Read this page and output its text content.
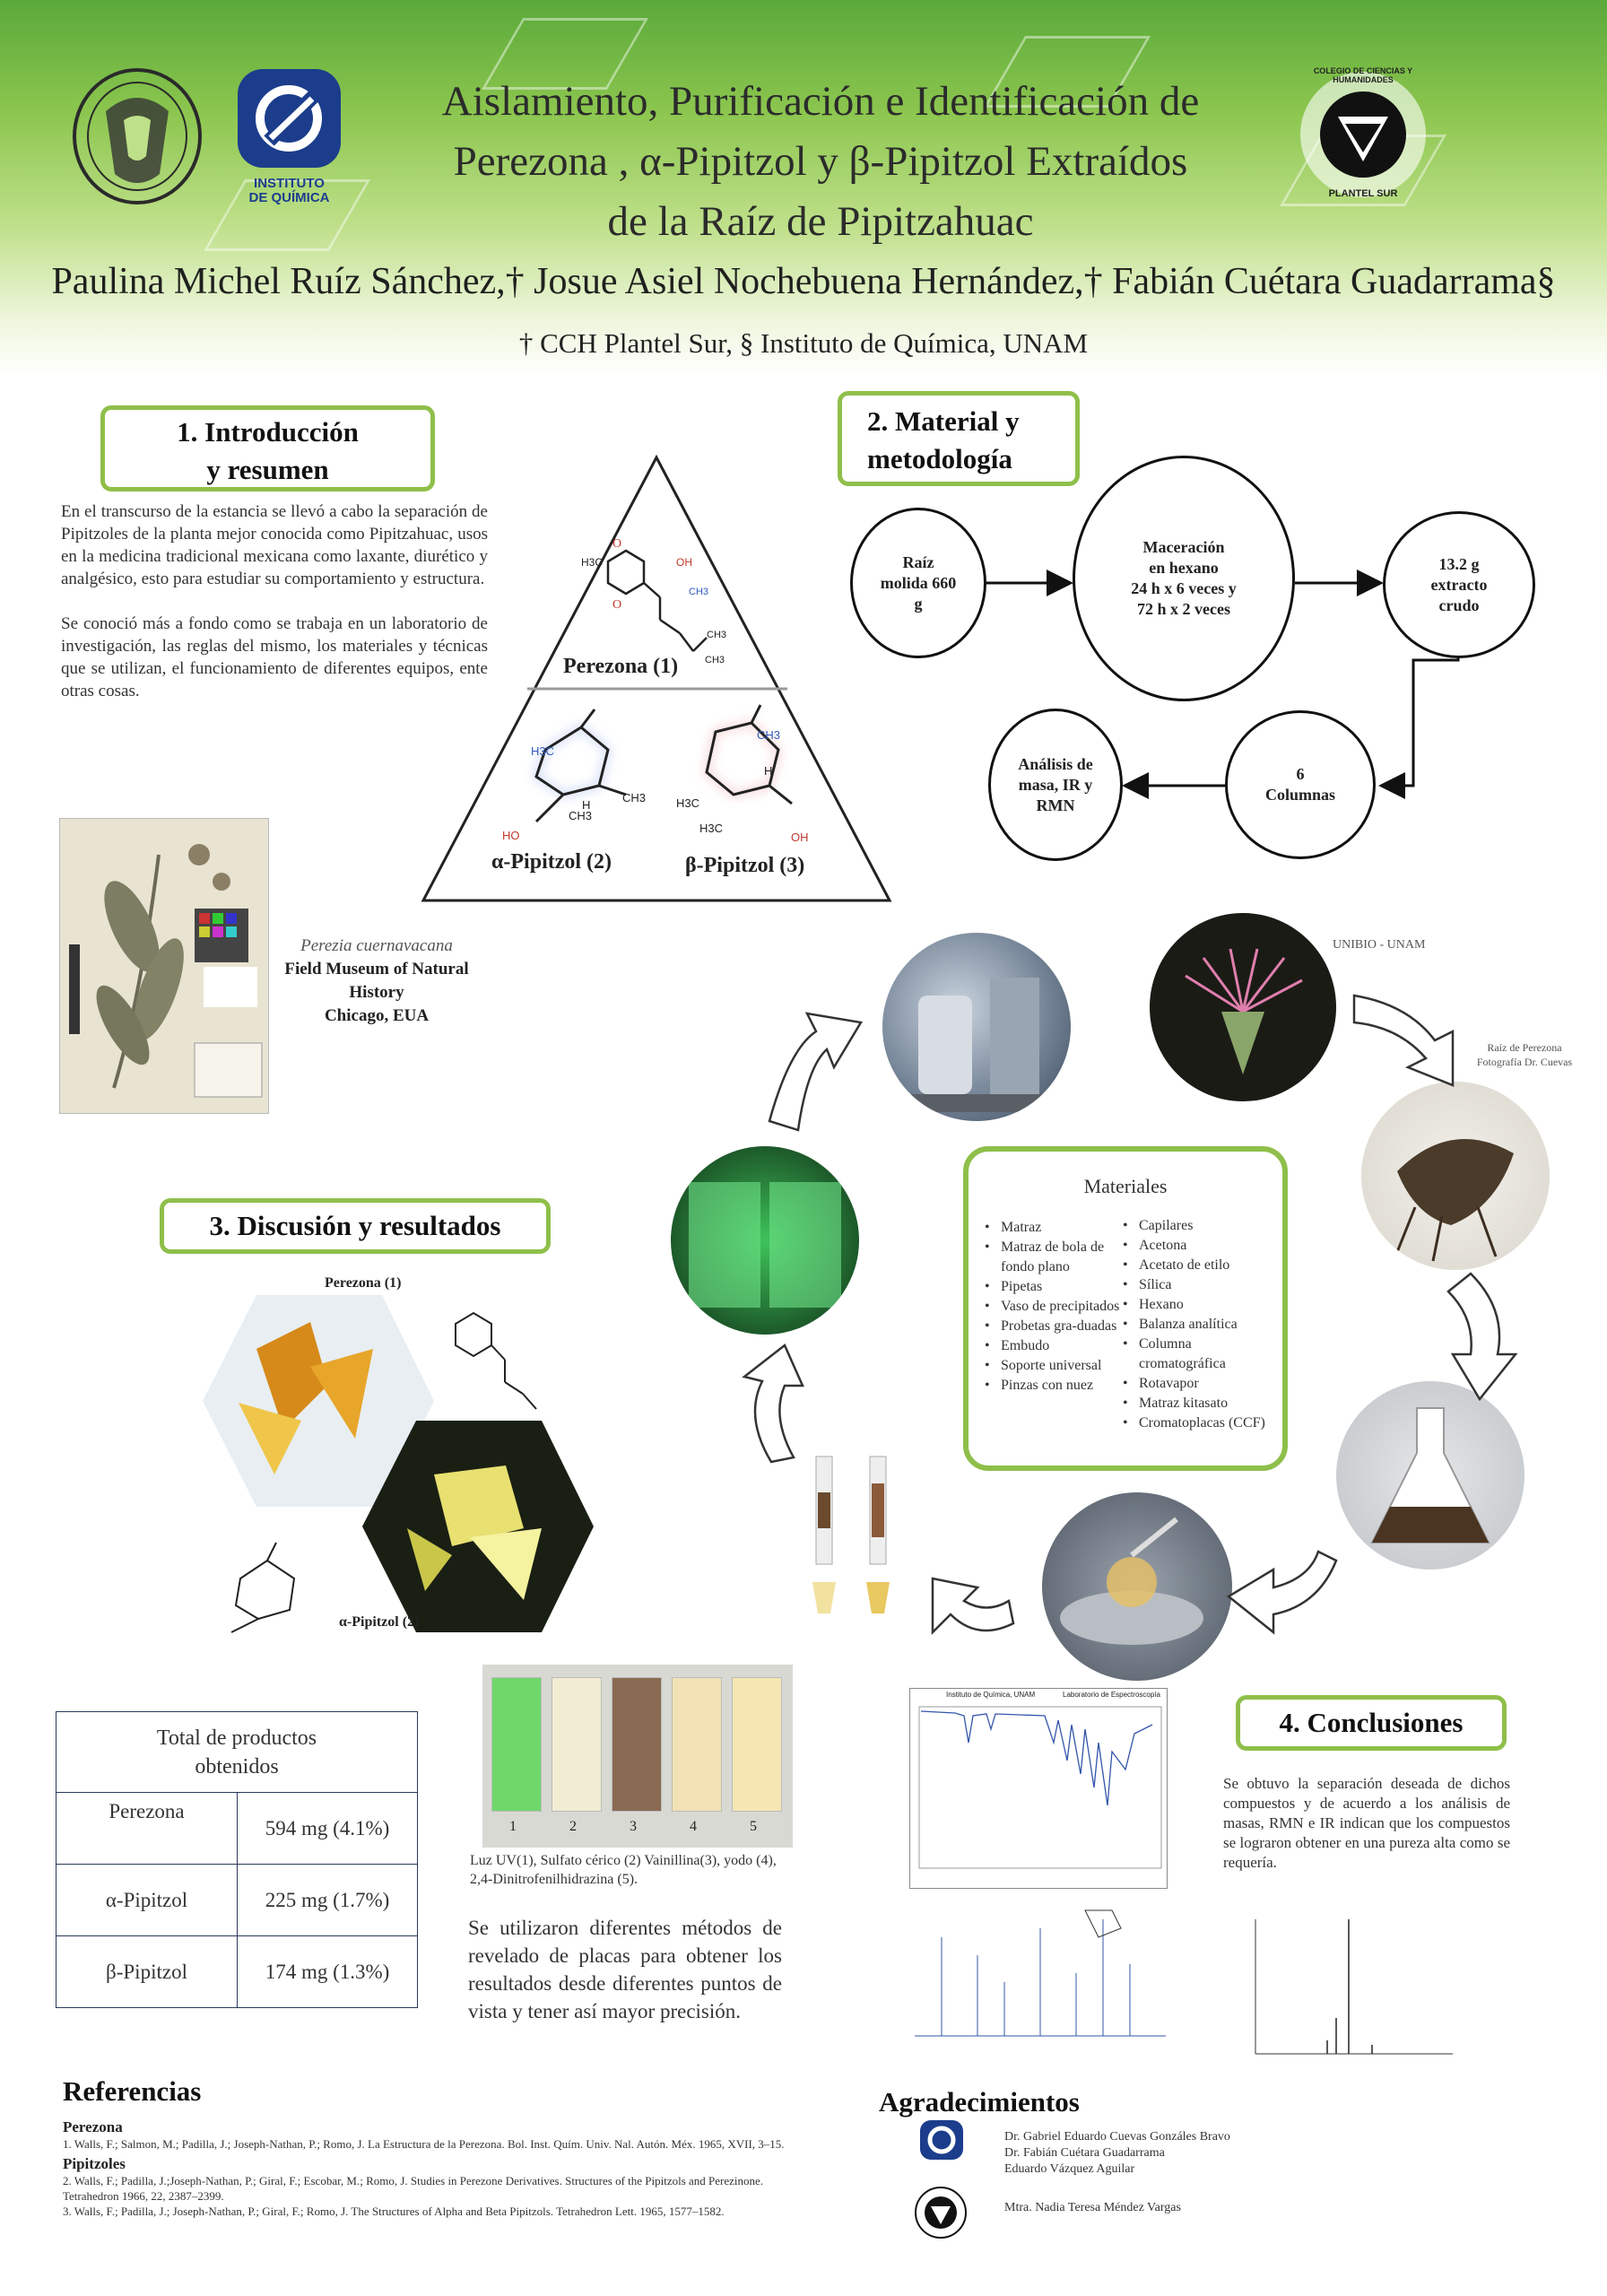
INSTITUTO
DE QUÍMICA
Aislamiento, Purificación e Identificación de
Perezona , α-Pipitzol y β-Pipitzol Extraídos
de la Raíz de Pipitzahuac
COLEGIO DE CIENCIAS Y HUMANIDADES
PLANTEL SUR
Paulina Michel Ruíz Sánchez,† Josue Asiel Nochebuena Hernández,† Fabián Cuétara Guadarrama§
† CCH Plantel Sur, § Instituto de Química, UNAM
1. Introducción
y resumen

En el transcurso de la estancia se llevó a cabo la separación de Pipitzoles de la planta mejor conocida como Pipitzahuac, usos en la medicina tradicional mexicana como laxante, diurético y analgésico, esto para estudiar su comportamiento y estructura.

Se conoció más a fondo como se trabaja en un laboratorio de investigación, las reglas del mismo, los materiales y técnicas que se utilizan, el funcionamiento de diferentes equipos, ente otras cosas.

Perezia cuernavacana
Field Museum of Natural
History
Chicago, EUA
O
O
H3C	OH
CH3
CH3
CH3
Perezona (1)
H3C
CH3
HO
CH3
H
CH3
H
H3C
H3C
OH
α-Pipitzol (2)	β-Pipitzol (3)
2. Material y
metodología
Raíz molida 660 g
Maceración
en hexano
24 h x 6 veces y
72 h x 2 veces
13.2 g extracto crudo
6
Columnas
Análisis de masa, IR y RMN
UNIBIO - UNAM
Raíz de Perezona
Fotografía Dr. Cuevas
Materiales
• Matraz
• Matraz de bola de fondo plano
• Pipetas
• Vaso de precipitados
• Probetas gra-duadas
• Embudo
• Soporte universal
• Pinzas con nuez
• Capilares
• Acetona
• Acetato de etilo
• Sílica
• Hexano
• Balanza analítica
• Columna cromatográfica
• Rotavapor
• Matraz kitasato
• Cromatoplacas (CCF)
3. Discusión y resultados
Perezona (1)
α-Pipitzol (2)
Total de productos
obtenidos	

Perezona	594 mg (4.1%)
α-Pipitzol	225 mg (1.7%)
β-Pipitzol	174 mg (1.3%)
1	2	3	4	5
Luz UV(1), Sulfato cérico (2) Vainillina(3), yodo (4),
2,4-Dinitrofenilhidrazina (5).
Se utilizaron diferentes métodos de revelado de placas para obtener los resultados desde diferentes puntos de vista y tener así mayor precisión.
Instituto de Química, UNAM	Laboratorio de Espectroscopía
4. Conclusiones
Se obtuvo la separación deseada de dichos compuestos y de acuerdo a los análisis de masas, RMN e IR indican que los compuestos se lograron obtener en una pureza alta como se requería.
Referencias
Perezona
1. Walls, F.; Salmon, M.; Padilla, J.; Joseph-Nathan, P.; Romo, J. La Estructura de la Perezona. Bol. Inst. Quím. Univ. Nal. Autón. Méx. 1965, XVII, 3–15.
Pipitzoles
2. Walls, F.; Padilla, J.;Joseph-Nathan, P.; Giral, F.; Escobar, M.; Romo, J. Studies in Perezone Derivatives. Structures of the Pipitzols and Perezinone. Tetrahedron 1966, 22, 2387–2399.
3. Walls, F.; Padilla, J.; Joseph-Nathan, P.; Giral, F.; Romo, J. The Structures of Alpha and Beta Pipitzols. Tetrahedron Lett. 1965, 1577–1582.
Agradecimientos
Dr. Gabriel Eduardo Cuevas Gonzáles Bravo
Dr. Fabián Cuétara Guadarrama
Eduardo Vázquez Aguilar
Mtra. Nadia Teresa Méndez Vargas
